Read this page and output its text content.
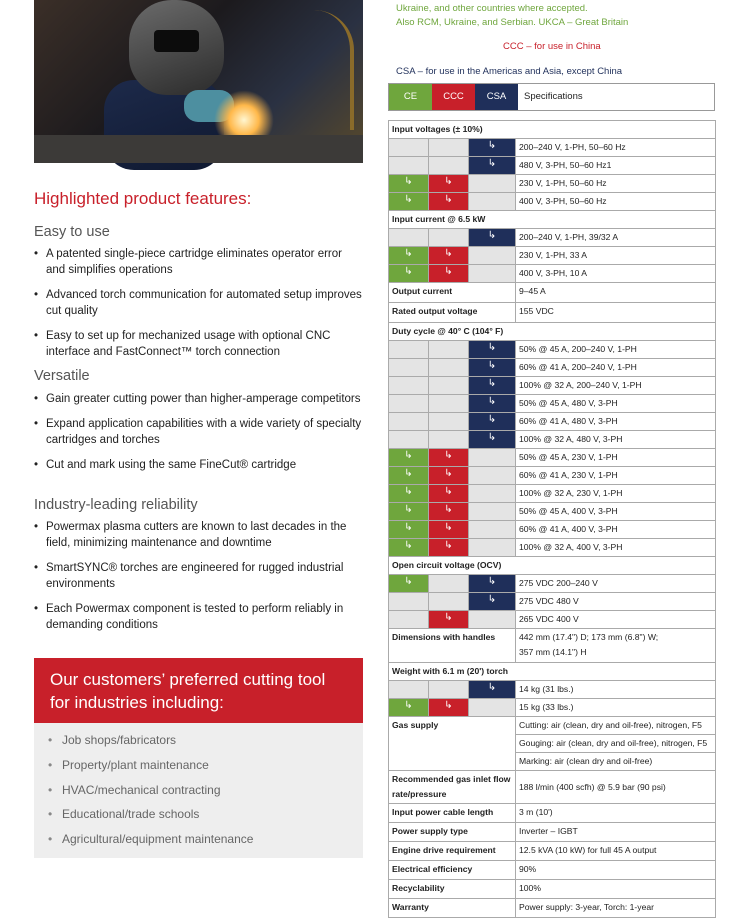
Highlighted product features:
Easy to use
• A patented single-piece cartridge eliminates operator error and simplifies operations
• Advanced torch communication for automated setup improves cut quality
• Easy to set up for mechanized usage with optional CNC interface and FastConnect™ torch connection
Versatile
• Gain greater cutting power than higher-amperage competitors
• Expand application capabilities with a wide variety of specialty cartridges and torches
• Cut and mark using the same FineCut® cartridge
Industry-leading reliability
• Powermax plasma cutters are known to last decades in the field, minimizing maintenance and downtime
• SmartSYNC® torches are engineered for rugged industrial environments
• Each Powermax component is tested to perform reliably in demanding conditions
Our customers’ preferred cutting tool
for industries including:
• Job shops/fabricators
• Property/plant maintenance
• HVAC/mechanical contracting
• Educational/trade schools
• Agricultural/equipment maintenance
Ukraine, and other countries where accepted.
Also RCM, Ukraine, and Serbian. UKCA – Great Britain
CCC – for use in China
CSA – for use in the Americas and Asia, except China
CE	CCC	CSA	Specifications
Input voltages (± 10%)			
		↳	200–240 V, 1-PH, 50–60 Hz
		↳	480 V, 3-PH, 50–60 Hz1
↳	↳		230 V, 1-PH, 50–60 Hz
↳	↳		400 V, 3-PH, 50–60 Hz
Input current @ 6.5 kW			
		↳	200–240 V, 1-PH, 39/32 A
↳	↳		230 V, 1-PH, 33 A
↳	↳		400 V, 3-PH, 10 A
Output current			9–45 A
Rated output voltage			155 VDC
Duty cycle @ 40° C (104° F)			
		↳	50% @ 45 A, 200–240 V, 1-PH
		↳	60% @ 41 A, 200–240 V, 1-PH
		↳	100% @ 32 A, 200–240 V, 1-PH
		↳	50% @ 45 A, 480 V, 3-PH
		↳	60% @ 41 A, 480 V, 3-PH
		↳	100% @ 32 A, 480 V, 3-PH
↳	↳		50% @ 45 A, 230 V, 1-PH
↳	↳		60% @ 41 A, 230 V, 1-PH
↳	↳		100% @ 32 A, 230 V, 1-PH
↳	↳		50% @ 45 A, 400 V, 3-PH
↳	↳		60% @ 41 A, 400 V, 3-PH
↳	↳		100% @ 32 A, 400 V, 3-PH
Open circuit voltage (OCV)			
↳		↳	275 VDC 200–240 V
		↳	275 VDC 480 V
	↳		265 VDC 400 V
Dimensions with handles			442 mm (17.4") D; 173 mm (6.8") W;
357 mm (14.1") H

Weight with 6.1 m (20') torch			
		↳	14 kg (31 lbs.)
↳	↳		15 kg (33 lbs.)
Gas supply			Cutting: air (clean, dry and oil-free), nitrogen, F5
			Gouging: air (clean, dry and oil-free), nitrogen, F5
			Marking: air (clean dry and oil-free)

Recommended gas inlet flow
rate/pressure			188 l/min (400 scfh) @ 5.9 bar (90 psi)
Input power cable length			3 m (10')
Power supply type			Inverter – IGBT
Engine drive requirement			12.5 kVA (10 kW) for full 45 A output
Electrical efficiency			90%
Recyclability			100%
Warranty			Power supply: 3-year, Torch: 1-year
